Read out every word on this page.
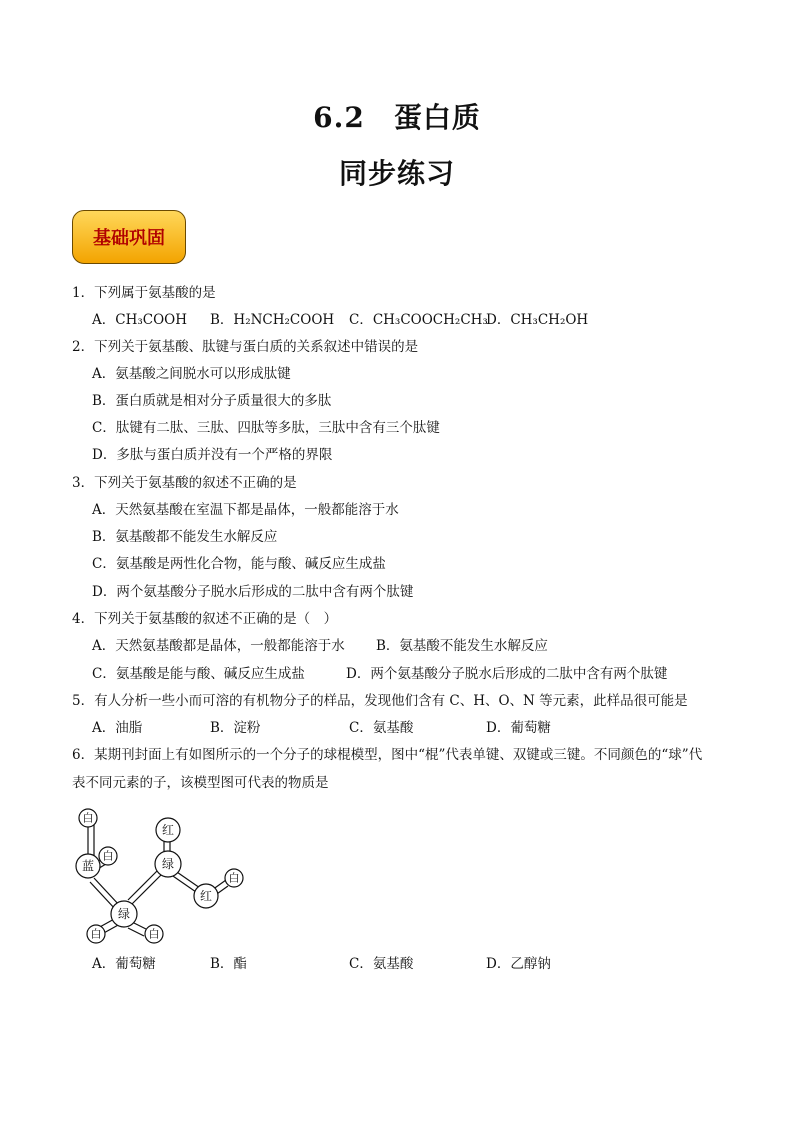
6.2　蛋白质
同步练习
基础巩固
1．下列属于氨基酸的是
A．CH₃COOH B．H₂NCH₂COOH C．CH₃COOCH₂CH₃
D．CH₃CH₂OH
2．下列关于氨基酸、肽键与蛋白质的关系叙述中错误的是
A．氨基酸之间脱水可以形成肽键
B．蛋白质就是相对分子质量很大的多肽
C．肽键有二肽、三肽、四肽等多肽，三肽中含有三个肽键
D．多肽与蛋白质并没有一个严格的界限
3．下列关于氨基酸的叙述不正确的是
A．天然氨基酸在室温下都是晶体，一般都能溶于水
B．氨基酸都不能发生水解反应
C．氨基酸是两性化合物，能与酸、碱反应生成盐
D．两个氨基酸分子脱水后形成的二肽中含有两个肽键
4．下列关于氨基酸的叙述不正确的是（　）
A．天然氨基酸都是晶体，一般都能溶于水 B．氨基酸不能发生水解反应
C．氨基酸是能与酸、碱反应生成盐	D．两个氨基酸分子脱水后形成的二肽中含有两个肽键
5．有人分析一些小而可溶的有机物分子的样品，发现他们含有 C、H、O、N 等元素，此样品很可能是
A．油脂	B．淀粉	C．氨基酸	D．葡萄糖
6．某期刊封面上有如图所示的一个分子的球棍模型，图中“棍”代表单键、双键或三键。不同颜色的“球”代
表不同元素的子，该模型图可代表的物质是
白
蓝
白
绿
红
绿
红
白
白	白
A．葡萄糖	B．酯	C．氨基酸	D．乙醇钠
